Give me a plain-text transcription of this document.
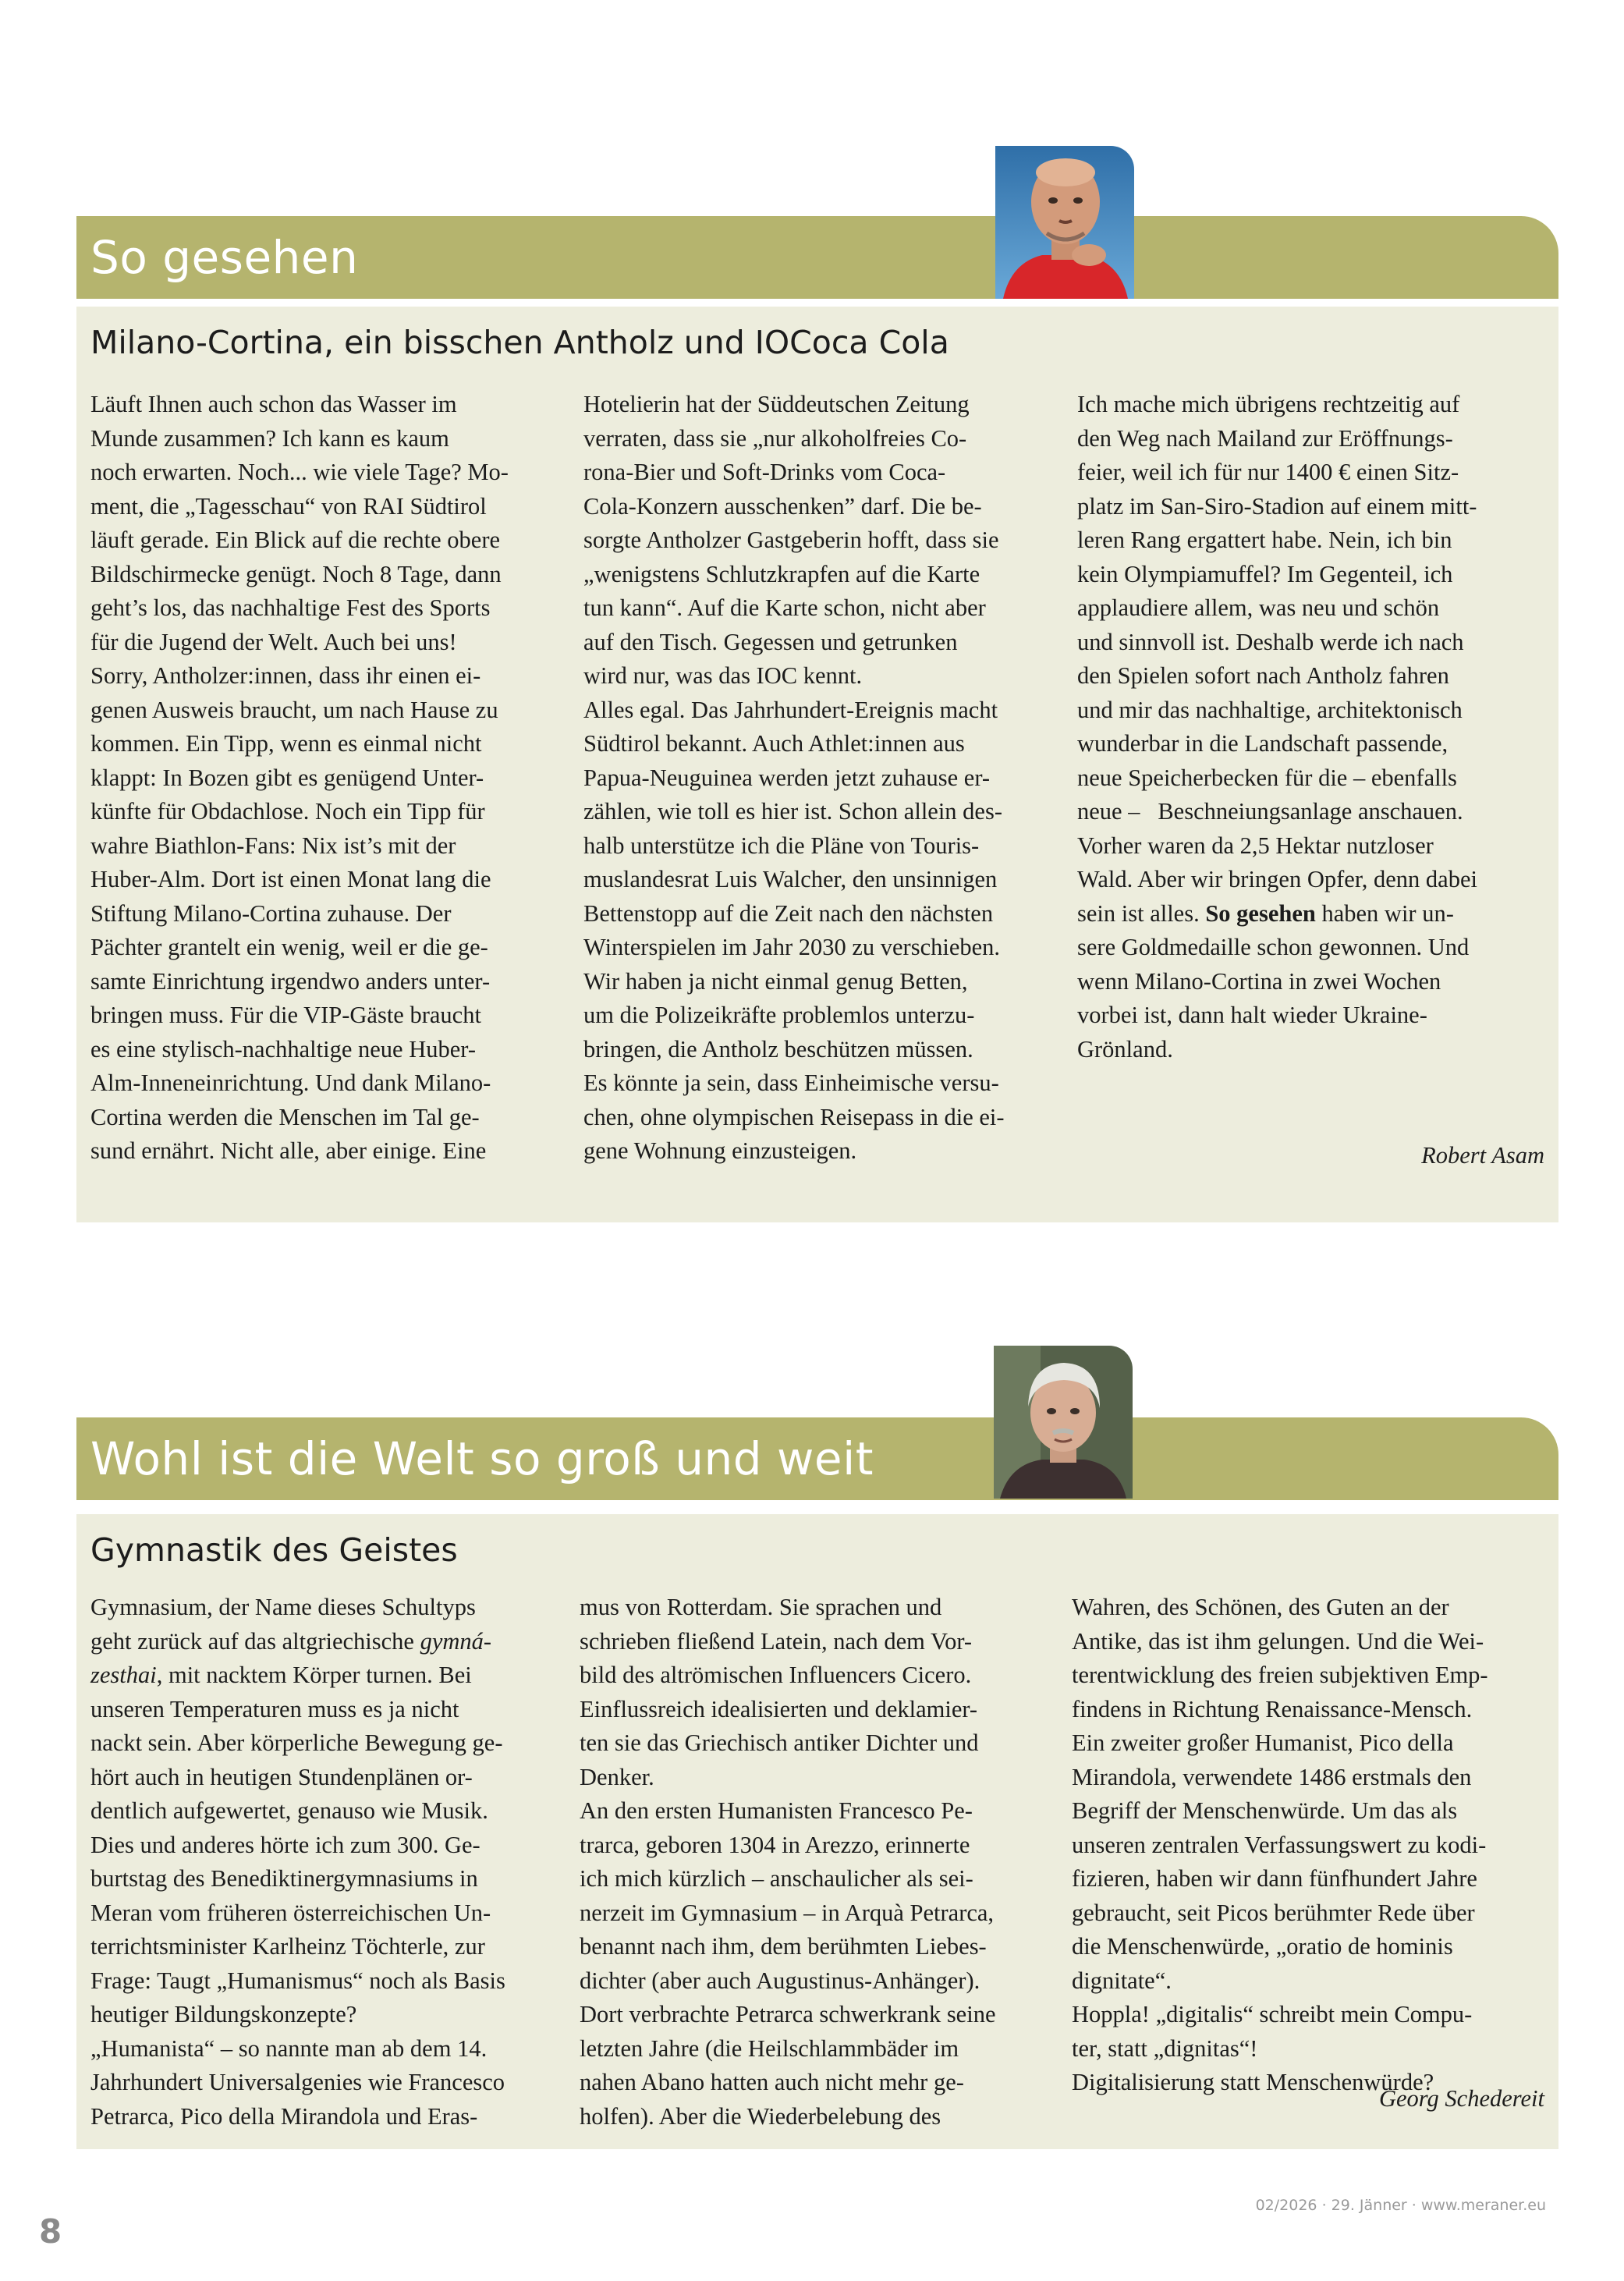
So gesehen
Milano-Cortina, ein bisschen Antholz und IOCoca Cola
Läuft Ihnen auch schon das Wasser im
Munde zusammen? Ich kann es kaum
noch erwarten. Noch... wie viele Tage? Mo-
ment, die „Tagesschau“ von RAI Südtirol
läuft gerade. Ein Blick auf die rechte obere
Bildschirmecke genügt. Noch 8 Tage, dann
geht’s los, das nachhaltige Fest des Sports
für die Jugend der Welt. Auch bei uns!
Sorry, Antholzer:innen, dass ihr einen ei-
genen Ausweis braucht, um nach Hause zu
kommen. Ein Tipp, wenn es einmal nicht
klappt: In Bozen gibt es genügend Unter-
künfte für Obdachlose. Noch ein Tipp für
wahre Biathlon-Fans: Nix ist’s mit der
Huber-Alm. Dort ist einen Monat lang die
Stiftung Milano-Cortina zuhause. Der
Pächter grantelt ein wenig, weil er die ge-
samte Einrichtung irgendwo anders unter-
bringen muss. Für die VIP-Gäste braucht
es eine stylisch-nachhaltige neue Huber-
Alm-Inneneinrichtung. Und dank Milano-
Cortina werden die Menschen im Tal ge-
sund ernährt. Nicht alle, aber einige. Eine
Hotelierin hat der Süddeutschen Zeitung
verraten, dass sie „nur alkoholfreies Co-
rona-Bier und Soft-Drinks vom Coca-
Cola-Konzern ausschenken” darf. Die be-
sorgte Antholzer Gastgeberin hofft, dass sie
„wenigstens Schlutzkrapfen auf die Karte
tun kann“. Auf die Karte schon, nicht aber
auf den Tisch. Gegessen und getrunken
wird nur, was das IOC kennt.
Alles egal. Das Jahrhundert-Ereignis macht
Südtirol bekannt. Auch Athlet:innen aus
Papua-Neuguinea werden jetzt zuhause er-
zählen, wie toll es hier ist. Schon allein des-
halb unterstütze ich die Pläne von Touris-
muslandesrat Luis Walcher, den unsinnigen
Bettenstopp auf die Zeit nach den nächsten
Winterspielen im Jahr 2030 zu verschieben.
Wir haben ja nicht einmal genug Betten,
um die Polizeikräfte problemlos unterzu-
bringen, die Antholz beschützen müssen.
Es könnte ja sein, dass Einheimische versu-
chen, ohne olympischen Reisepass in die ei-
gene Wohnung einzusteigen.
Ich mache mich übrigens rechtzeitig auf
den Weg nach Mailand zur Eröffnungs-
feier, weil ich für nur 1400 € einen Sitz-
platz im San-Siro-Stadion auf einem mitt-
leren Rang ergattert habe. Nein, ich bin
kein Olympiamuffel? Im Gegenteil, ich
applaudiere allem, was neu und schön
und sinnvoll ist. Deshalb werde ich nach
den Spielen sofort nach Antholz fahren
und mir das nachhaltige, architektonisch
wunderbar in die Landschaft passende,
neue Speicherbecken für die – ebenfalls
neue –   Beschneiungsanlage anschauen.
Vorher waren da 2,5 Hektar nutzloser
Wald. Aber wir bringen Opfer, denn dabei
sein ist alles. So gesehen haben wir un-
sere Goldmedaille schon gewonnen. Und
wenn Milano-Cortina in zwei Wochen
vorbei ist, dann halt wieder Ukraine-
Grönland.
Robert Asam
Wohl ist die Welt so groß und weit
Gymnastik des Geistes
Gymnasium, der Name dieses Schultyps
geht zurück auf das altgriechische gymná-
zesthai, mit nacktem Körper turnen. Bei
unseren Temperaturen muss es ja nicht
nackt sein. Aber körperliche Bewegung ge-
hört auch in heutigen Stundenplänen or-
dentlich aufgewertet, genauso wie Musik.
Dies und anderes hörte ich zum 300. Ge-
burtstag des Benediktinergymnasiums in
Meran vom früheren österreichischen Un-
terrichtsminister Karlheinz Töchterle, zur
Frage: Taugt „Humanismus“ noch als Basis
heutiger Bildungskonzepte?
„Humanista“ – so nannte man ab dem 14.
Jahrhundert Universalgenies wie Francesco
Petrarca, Pico della Mirandola und Eras-
mus von Rotterdam. Sie sprachen und
schrieben fließend Latein, nach dem Vor-
bild des altrömischen Influencers Cicero.
Einflussreich idealisierten und deklamier-
ten sie das Griechisch antiker Dichter und
Denker.
An den ersten Humanisten Francesco Pe-
trarca, geboren 1304 in Arezzo, erinnerte
ich mich kürzlich – anschaulicher als sei-
nerzeit im Gymnasium – in Arquà Petrarca,
benannt nach ihm, dem berühmten Liebes-
dichter (aber auch Augustinus-Anhänger).
Dort verbrachte Petrarca schwerkrank seine
letzten Jahre (die Heilschlammbäder im
nahen Abano hatten auch nicht mehr ge-
holfen). Aber die Wiederbelebung des
Wahren, des Schönen, des Guten an der
Antike, das ist ihm gelungen. Und die Wei-
terentwicklung des freien subjektiven Emp-
findens in Richtung Renaissance-Mensch.
Ein zweiter großer Humanist, Pico della
Mirandola, verwendete 1486 erstmals den
Begriff der Menschenwürde. Um das als
unseren zentralen Verfassungswert zu kodi-
fizieren, haben wir dann fünfhundert Jahre
gebraucht, seit Picos berühmter Rede über
die Menschenwürde, „oratio de hominis
dignitate“.
Hoppla! „digitalis“ schreibt mein Compu-
ter, statt „dignitas“!
Digitalisierung statt Menschenwürde?
Georg Schedereit
8
02/2026 · 29. Jänner · www.meraner.eu
